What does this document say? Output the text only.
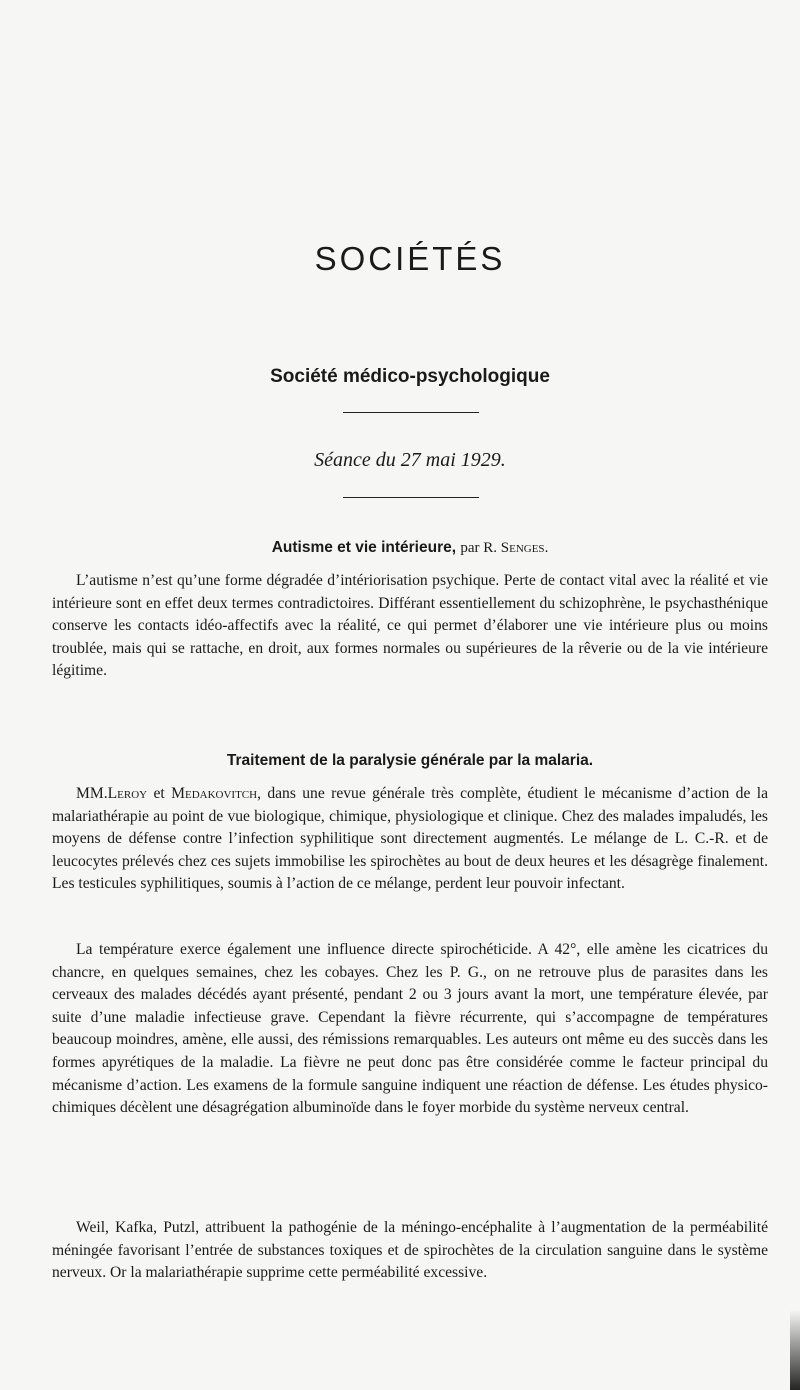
SOCIÉTÉS
Société médico-psychologique
Séance du 27 mai 1929.
Autisme et vie intérieure, par R. Senges.

L’autisme n’est qu’une forme dégradée d’intériorisation psychique. Perte de contact vital avec la réalité et vie intérieure sont en effet deux termes contradictoires. Différant essentiellement du schizophrène, le psychasthénique conserve les contacts idéo-affectifs avec la réalité, ce qui permet d’élaborer une vie intérieure plus ou moins troublée, mais qui se rattache, en droit, aux formes normales ou supérieures de la rêverie ou de la vie intérieure légitime.

Traitement de la paralysie générale par la malaria.

MM.Leroy et Medakovitch, dans une revue générale très complète, étudient le mécanisme d’action de la malariathérapie au point de vue biologique, chimique, physiologique et clinique. Chez des malades impaludés, les moyens de défense contre l’infection syphilitique sont directement augmentés. Le mélange de L. C.-R. et de leucocytes prélevés chez ces sujets immobilise les spirochètes au bout de deux heures et les désagrège finalement. Les testicules syphilitiques, soumis à l’action de ce mélange, perdent leur pouvoir infectant.

La température exerce également une influence directe spirochéticide. A 42°, elle amène les cicatrices du chancre, en quelques semaines, chez les cobayes. Chez les P. G., on ne retrouve plus de parasites dans les cerveaux des malades décédés ayant présenté, pendant 2 ou 3 jours avant la mort, une température élevée, par suite d’une maladie infectieuse grave. Cependant la fièvre récurrente, qui s’accompagne de températures beaucoup moindres, amène, elle aussi, des rémissions remarquables. Les auteurs ont même eu des succès dans les formes apyrétiques de la maladie. La fièvre ne peut donc pas être considérée comme le facteur principal du mécanisme d’action. Les examens de la formule sanguine indiquent une réaction de défense. Les études physico-chimiques décèlent une désagrégation albuminoïde dans le foyer morbide du système nerveux central.

Weil, Kafka, Putzl, attribuent la pathogénie de la méningo-encéphalite à l’augmentation de la perméabilité méningée favorisant l’entrée de substances toxiques et de spirochètes de la circulation sanguine dans le système nerveux. Or la malariathérapie supprime cette perméabilité excessive.
